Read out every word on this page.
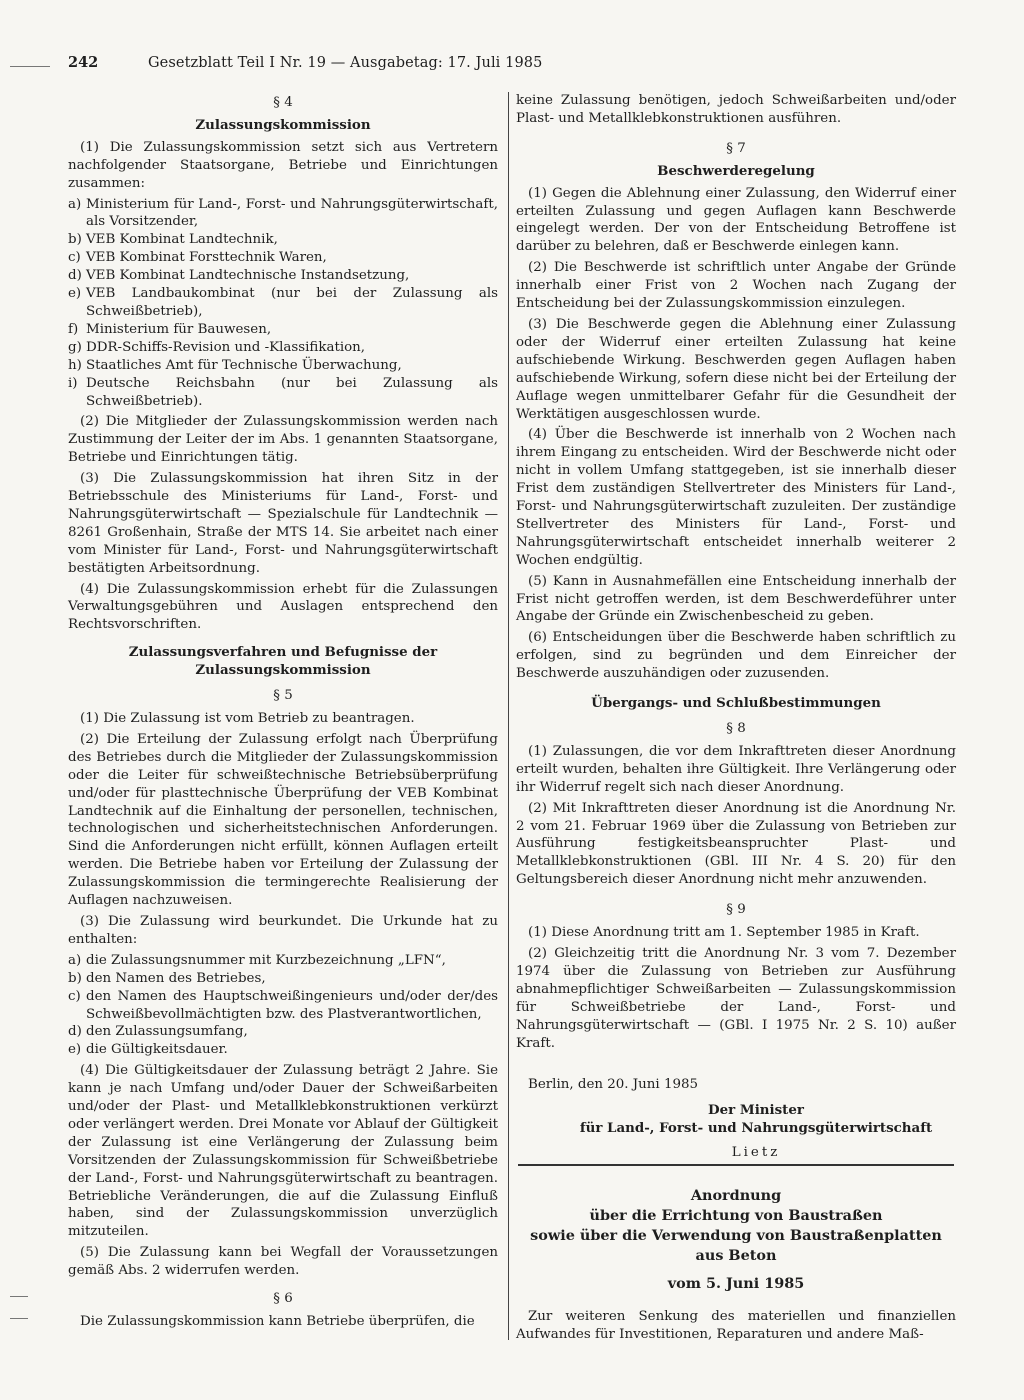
242	Gesetzblatt Teil I Nr. 19 — Ausgabetag: 17. Juli 1985
§ 4
Zulassungskommission

(1) Die Zulassungskommission setzt sich aus Vertretern nachfolgender Staatsorgane, Betriebe und Einrichtungen zusammen:

a) Ministerium für Land-, Forst- und Nahrungsgüterwirtschaft, als Vorsitzender,
b) VEB Kombinat Landtechnik,
c) VEB Kombinat Forsttechnik Waren,
d) VEB Kombinat Landtechnische Instandsetzung,
e) VEB Landbaukombinat (nur bei der Zulassung als Schweißbetrieb),
f) Ministerium für Bauwesen,
g) DDR-Schiffs-Revision und -Klassifikation,
h) Staatliches Amt für Technische Überwachung,
i) Deutsche Reichsbahn (nur bei Zulassung als Schweißbetrieb).

(2) Die Mitglieder der Zulassungskommission werden nach Zustimmung der Leiter der im Abs. 1 genannten Staatsorgane, Betriebe und Einrichtungen tätig.

(3) Die Zulassungskommission hat ihren Sitz in der Betriebsschule des Ministeriums für Land-, Forst- und Nahrungsgüterwirtschaft — Spezialschule für Landtechnik — 8261 Großenhain, Straße der MTS 14. Sie arbeitet nach einer vom Minister für Land-, Forst- und Nahrungsgüterwirtschaft bestätigten Arbeitsordnung.

(4) Die Zulassungskommission erhebt für die Zulassungen Verwaltungsgebühren und Auslagen entsprechend den Rechtsvorschriften.

Zulassungsverfahren und Befugnisse der Zulassungskommission
§ 5

(1) Die Zulassung ist vom Betrieb zu beantragen.

(2) Die Erteilung der Zulassung erfolgt nach Überprüfung des Betriebes durch die Mitglieder der Zulassungskommission oder die Leiter für schweißtechnische Betriebsüberprüfung und/oder für plasttechnische Überprüfung der VEB Kombinat Landtechnik auf die Einhaltung der personellen, technischen, technologischen und sicherheitstechnischen Anforderungen. Sind die Anforderungen nicht erfüllt, können Auflagen erteilt werden. Die Betriebe haben vor Erteilung der Zulassung der Zulassungskommission die termingerechte Realisierung der Auflagen nachzuweisen.

(3) Die Zulassung wird beurkundet. Die Urkunde hat zu enthalten:

a) die Zulassungsnummer mit Kurzbezeichnung „LFN“,
b) den Namen des Betriebes,
c) den Namen des Hauptschweißingenieurs und/oder der/des Schweißbevollmächtigten bzw. des Plastverantwortlichen,
d) den Zulassungsumfang,
e) die Gültigkeitsdauer.

(4) Die Gültigkeitsdauer der Zulassung beträgt 2 Jahre. Sie kann je nach Umfang und/oder Dauer der Schweißarbeiten und/oder der Plast- und Metallklebkonstruktionen verkürzt oder verlängert werden. Drei Monate vor Ablauf der Gültigkeit der Zulassung ist eine Verlängerung der Zulassung beim Vorsitzenden der Zulassungskommission für Schweißbetriebe der Land-, Forst- und Nahrungsgüterwirtschaft zu beantragen. Betriebliche Veränderungen, die auf die Zulassung Einfluß haben, sind der Zulassungskommission unverzüglich mitzuteilen.

(5) Die Zulassung kann bei Wegfall der Voraussetzungen gemäß Abs. 2 widerrufen werden.

§ 6

Die Zulassungskommission kann Betriebe überprüfen, die

keine Zulassung benötigen, jedoch Schweißarbeiten und/oder Plast- und Metallklebkonstruktionen ausführen.

§ 7
Beschwerderegelung

(1) Gegen die Ablehnung einer Zulassung, den Widerruf einer erteilten Zulassung und gegen Auflagen kann Beschwerde eingelegt werden. Der von der Entscheidung Betroffene ist darüber zu belehren, daß er Beschwerde einlegen kann.

(2) Die Beschwerde ist schriftlich unter Angabe der Gründe innerhalb einer Frist von 2 Wochen nach Zugang der Entscheidung bei der Zulassungskommission einzulegen.

(3) Die Beschwerde gegen die Ablehnung einer Zulassung oder der Widerruf einer erteilten Zulassung hat keine aufschiebende Wirkung. Beschwerden gegen Auflagen haben aufschiebende Wirkung, sofern diese nicht bei der Erteilung der Auflage wegen unmittelbarer Gefahr für die Gesundheit der Werktätigen ausgeschlossen wurde.

(4) Über die Beschwerde ist innerhalb von 2 Wochen nach ihrem Eingang zu entscheiden. Wird der Beschwerde nicht oder nicht in vollem Umfang stattgegeben, ist sie innerhalb dieser Frist dem zuständigen Stellvertreter des Ministers für Land-, Forst- und Nahrungsgüterwirtschaft zuzuleiten. Der zuständige Stellvertreter des Ministers für Land-, Forst- und Nahrungsgüterwirtschaft entscheidet innerhalb weiterer 2 Wochen endgültig.

(5) Kann in Ausnahmefällen eine Entscheidung innerhalb der Frist nicht getroffen werden, ist dem Beschwerdeführer unter Angabe der Gründe ein Zwischenbescheid zu geben.

(6) Entscheidungen über die Beschwerde haben schriftlich zu erfolgen, sind zu begründen und dem Einreicher der Beschwerde auszuhändigen oder zuzusenden.

Übergangs- und Schlußbestimmungen
§ 8

(1) Zulassungen, die vor dem Inkrafttreten dieser Anordnung erteilt wurden, behalten ihre Gültigkeit. Ihre Verlängerung oder ihr Widerruf regelt sich nach dieser Anordnung.

(2) Mit Inkrafttreten dieser Anordnung ist die Anordnung Nr. 2 vom 21. Februar 1969 über die Zulassung von Betrieben zur Ausführung festigkeitsbeanspruchter Plast- und Metallklebkonstruktionen (GBl. III Nr. 4 S. 20) für den Geltungsbereich dieser Anordnung nicht mehr anzuwenden.

§ 9

(1) Diese Anordnung tritt am 1. September 1985 in Kraft.

(2) Gleichzeitig tritt die Anordnung Nr. 3 vom 7. Dezember 1974 über die Zulassung von Betrieben zur Ausführung abnahmepflichtiger Schweißarbeiten — Zulassungskommission für Schweißbetriebe der Land-, Forst- und Nahrungsgüterwirtschaft — (GBl. I 1975 Nr. 2 S. 10) außer Kraft.

Berlin, den 20. Juni 1985

Der Minister
für Land-, Forst- und Nahrungsgüterwirtschaft
Lietz
Anordnung
über die Errichtung von Baustraßen
sowie über die Verwendung von Baustraßenplatten
aus Beton
vom 5. Juni 1985

Zur weiteren Senkung des materiellen und finanziellen Aufwandes für Investitionen, Reparaturen und andere Maß-
